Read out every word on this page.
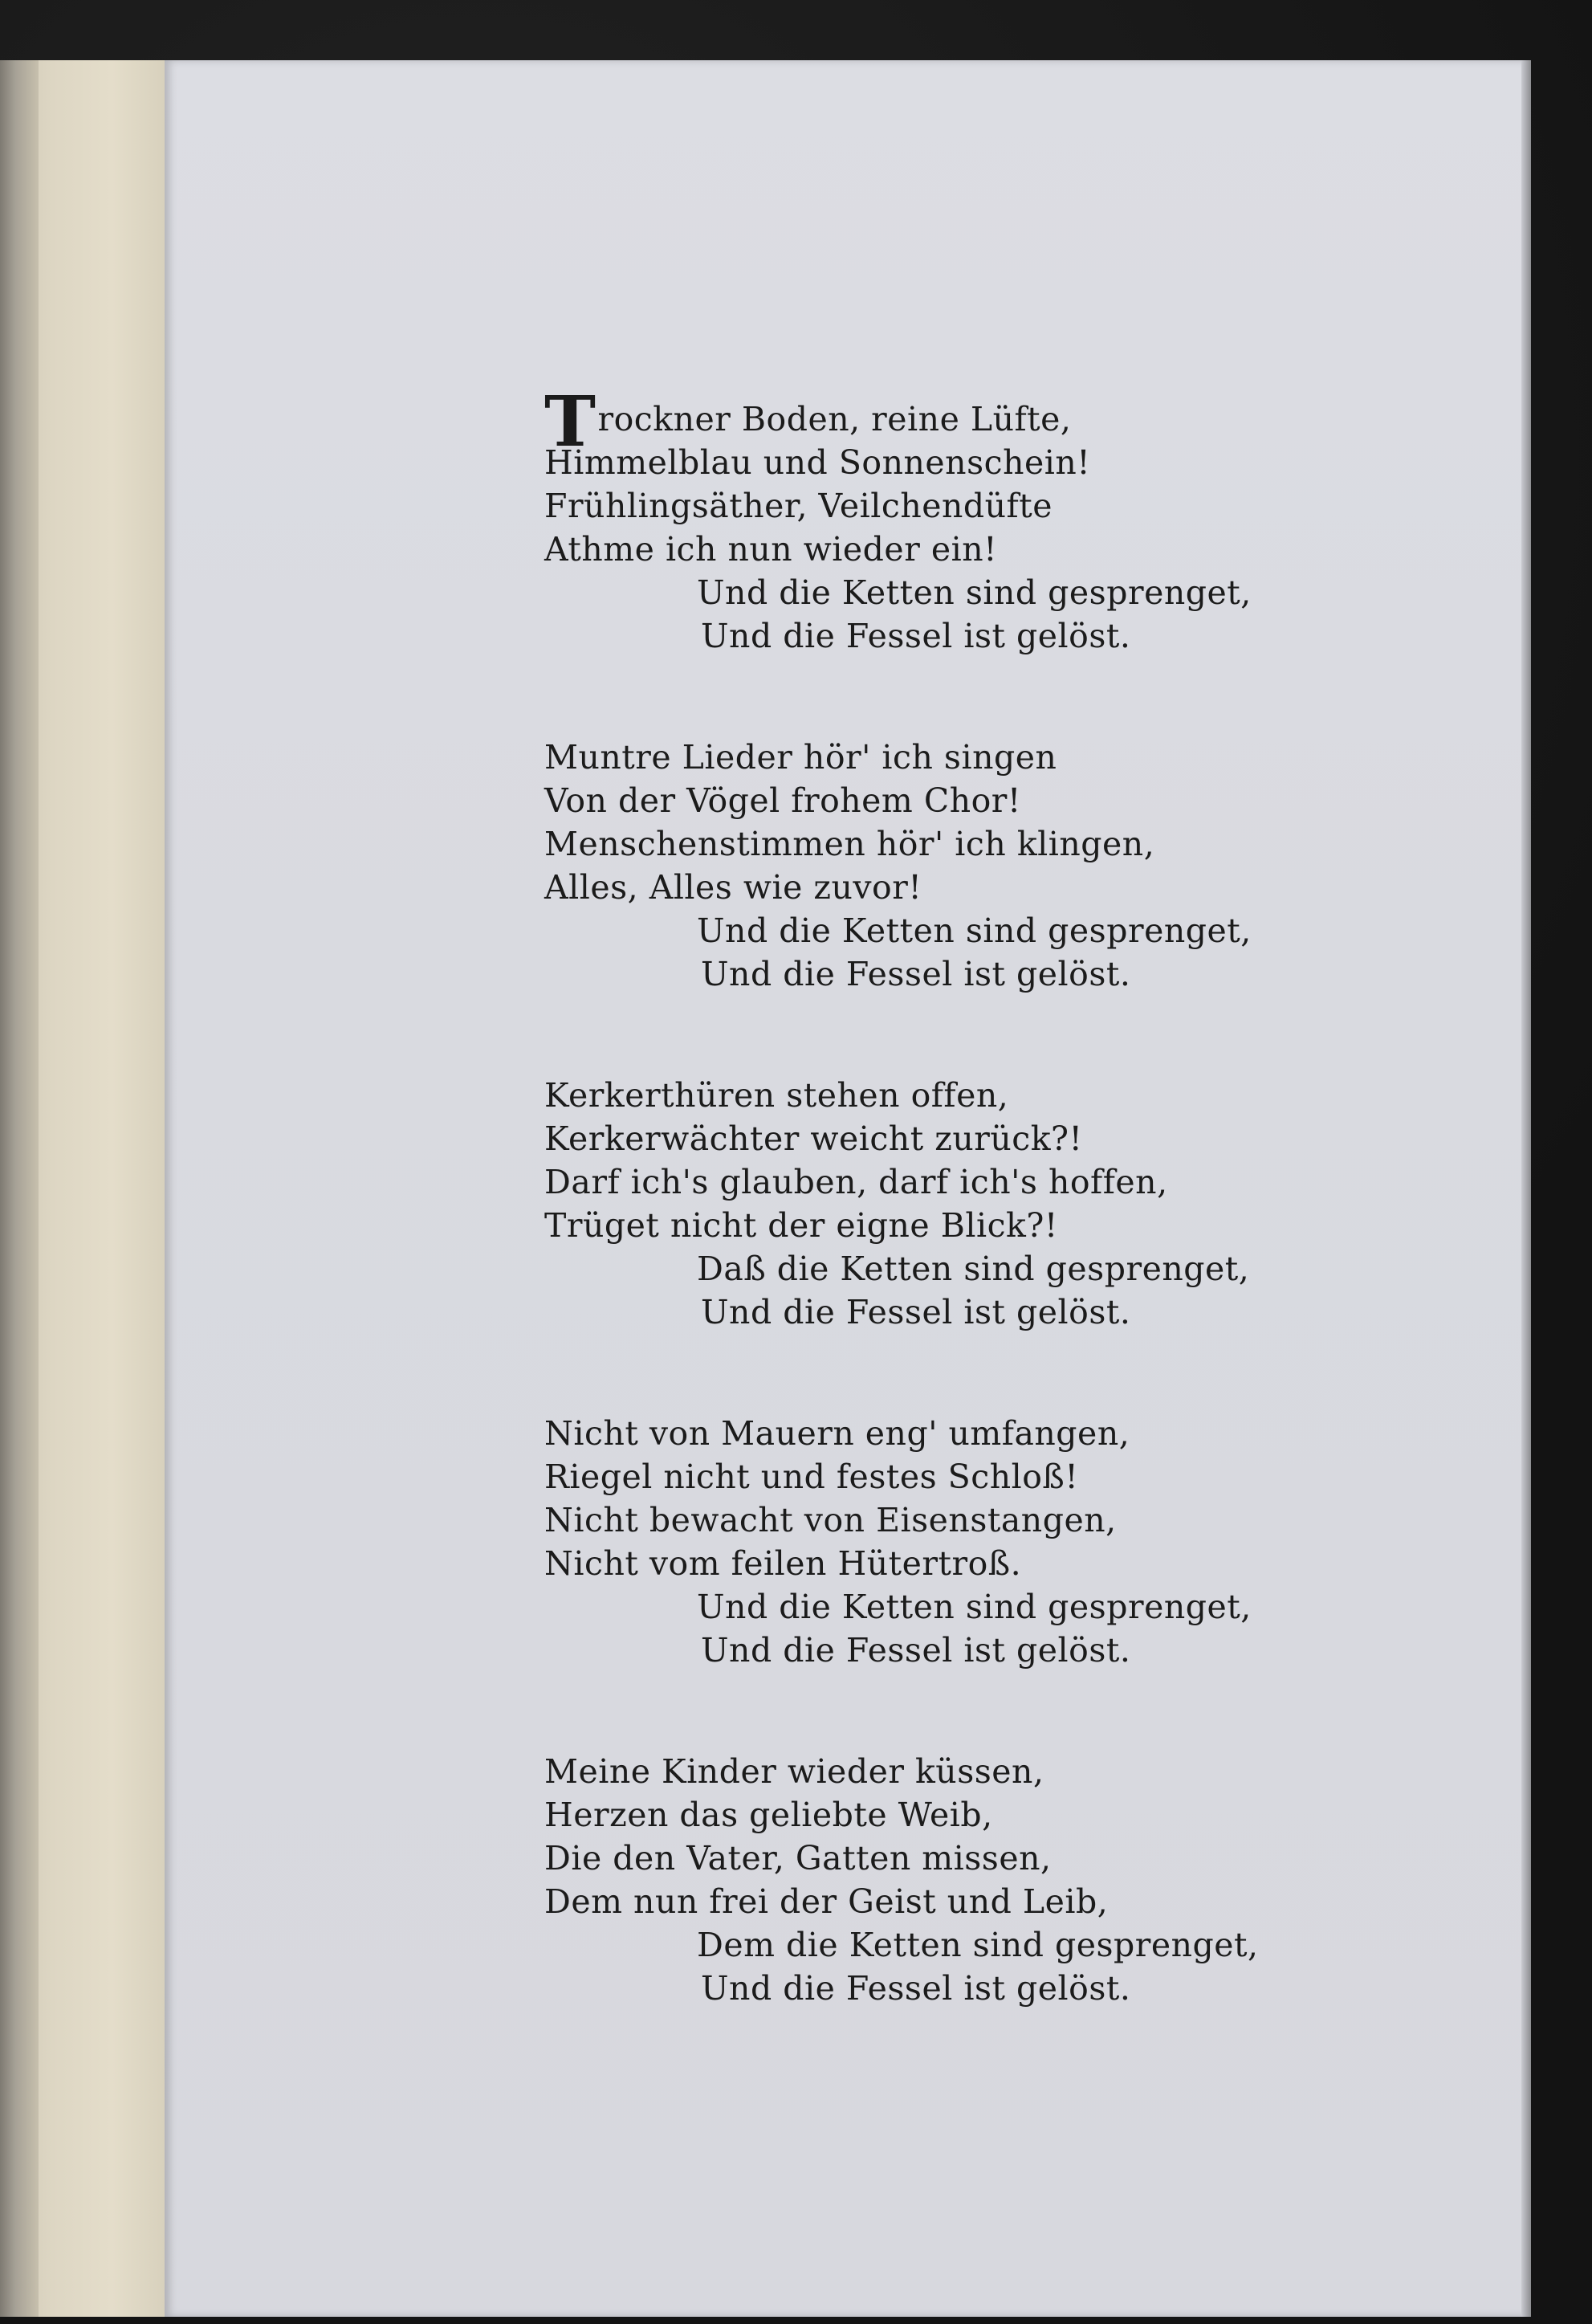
Trockner Boden, reine Lüfte,
Himmelblau und Sonnenschein!
Frühlingsäther, Veilchendüfte
Athme ich nun wieder ein!
Und die Ketten sind gesprenget,
Und die Fessel ist gelöst.
Muntre Lieder hör' ich singen
Von der Vögel frohem Chor!
Menschenstimmen hör' ich klingen,
Alles, Alles wie zuvor!
Und die Ketten sind gesprenget,
Und die Fessel ist gelöst.
Kerkerthüren stehen offen,
Kerkerwächter weicht zurück?!
Darf ich's glauben, darf ich's hoffen,
Trüget nicht der eigne Blick?!
Daß die Ketten sind gesprenget,
Und die Fessel ist gelöst.
Nicht von Mauern eng' umfangen,
Riegel nicht und festes Schloß!
Nicht bewacht von Eisenstangen,
Nicht vom feilen Hütertroß.
Und die Ketten sind gesprenget,
Und die Fessel ist gelöst.
Meine Kinder wieder küssen,
Herzen das geliebte Weib,
Die den Vater, Gatten missen,
Dem nun frei der Geist und Leib,
Dem die Ketten sind gesprenget,
Und die Fessel ist gelöst.
